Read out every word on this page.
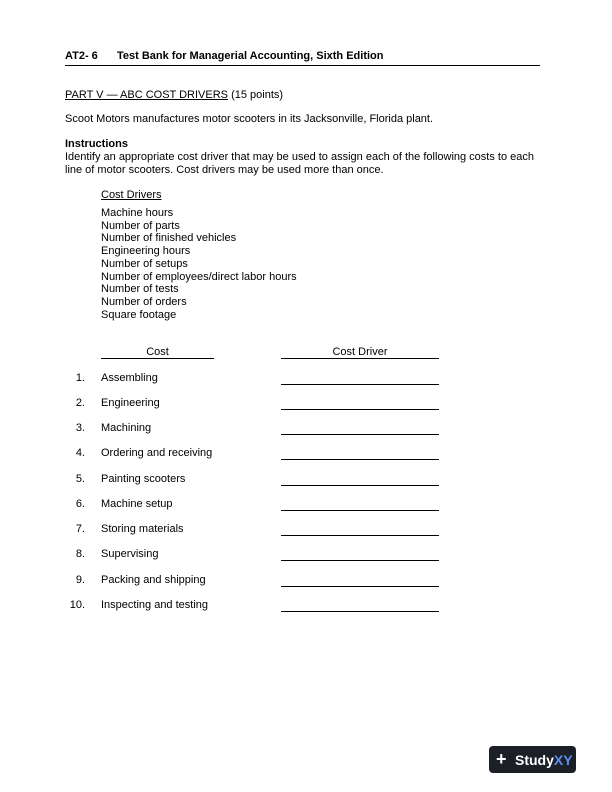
AT2- 6 Test Bank for Managerial Accounting, Sixth Edition
PART V — ABC COST DRIVERS (15 points)
Scoot Motors manufactures motor scooters in its Jacksonville, Florida plant.
Instructions
Identify an appropriate cost driver that may be used to assign each of the following costs to each
line of motor scooters. Cost drivers may be used more than once.
Cost Drivers
Machine hours
Number of parts
Number of finished vehicles
Engineering hours
Number of setups
Number of employees/direct labor hours
Number of tests
Number of orders
Square footage
Cost	Cost Driver
1. Assembling
2. Engineering
3. Machining
4. Ordering and receiving
5. Painting scooters
6. Machine setup
7. Storing materials
8. Supervising
9. Packing and shipping
10. Inspecting and testing
+ StudyXY
